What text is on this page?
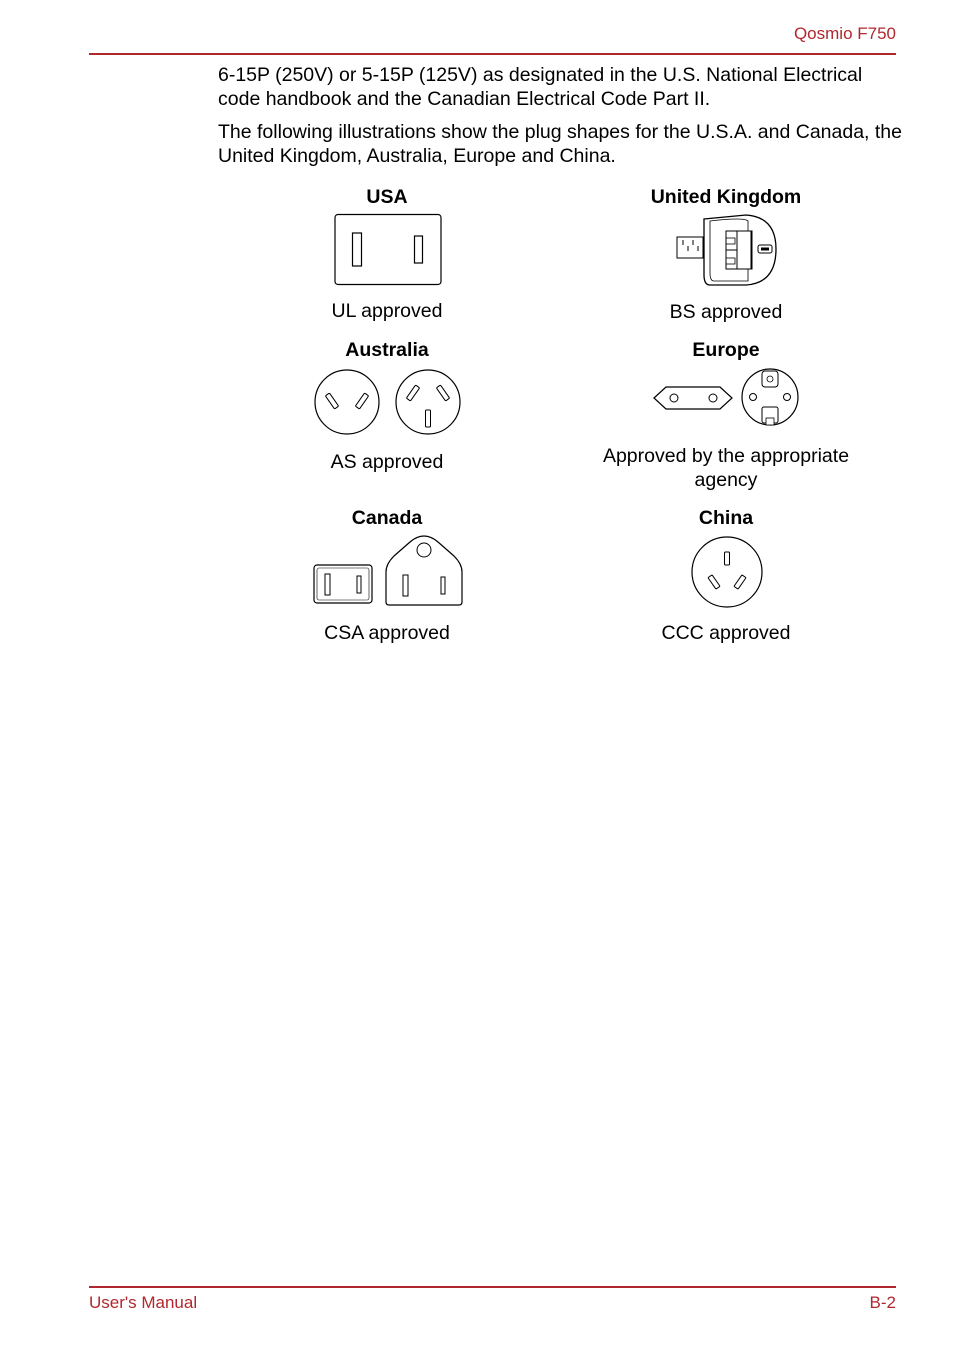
Qosmio F750

6-15P (250V) or 5-15P (125V) as designated in the U.S. National Electrical code handbook and the Canadian Electrical Code Part II.

The following illustrations show the plug shapes for the U.S.A. and Canada, the United Kingdom, Australia, Europe and China.

USA
UL approved
United Kingdom
BS approved
Australia
AS approved
Europe
Approved by the appropriate agency
Canada
CSA approved
China
CCC approved
User's Manual	B-2
